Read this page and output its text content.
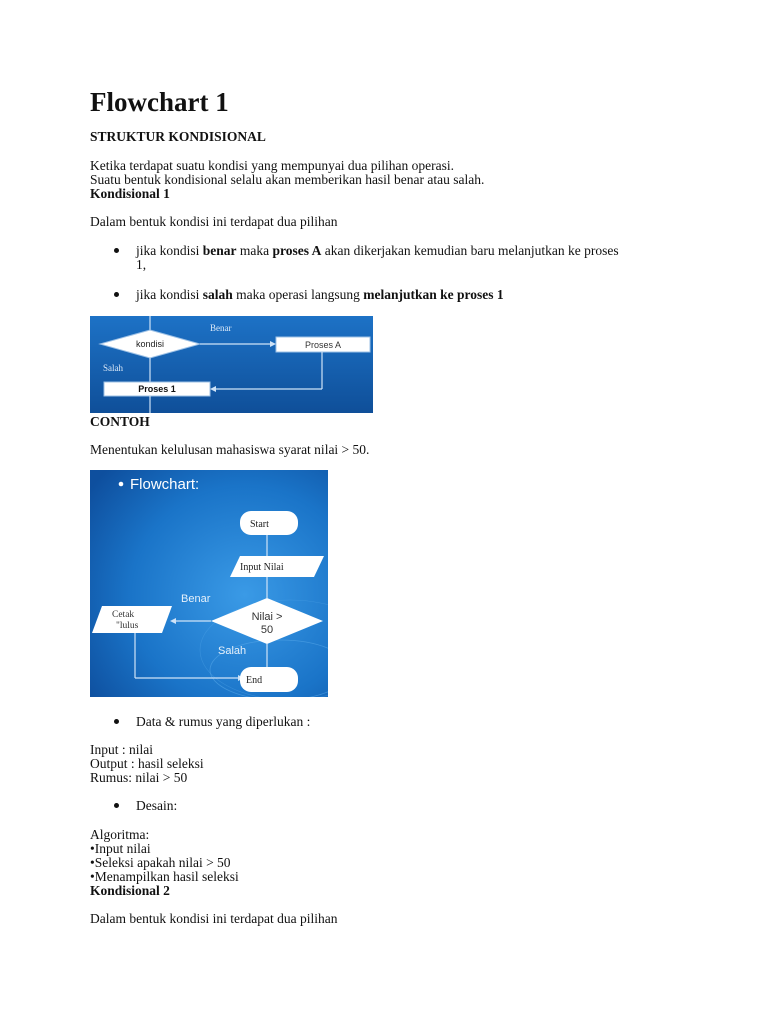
Flowchart 1
STRUKTUR KONDISIONAL
Ketika terdapat suatu kondisi yang mempunyai dua pilihan operasi.
Suatu bentuk kondisional selalu akan memberikan hasil benar atau salah.
Kondisional 1
Dalam bentuk kondisi ini terdapat dua pilihan
jika kondisi benar maka proses A akan dikerjakan kemudian baru melanjutkan ke proses
1,
jika kondisi salah maka operasi langsung melanjutkan ke proses 1
Benar
Salah
kondisi	Proses A
Proses 1
CONTOH
Menentukan kelulusan mahasiswa syarat nilai > 50.
Flowchart:
Start
Input Nilai
Nilai >
50
Benar
Cetak
"lulus
Salah
End
Data & rumus yang diperlukan :
Input : nilai
Output : hasil seleksi
Rumus: nilai > 50
Desain:
Algoritma:
•Input nilai
•Seleksi apakah nilai > 50
•Menampilkan hasil seleksi
Kondisional 2
Dalam bentuk kondisi ini terdapat dua pilihan
